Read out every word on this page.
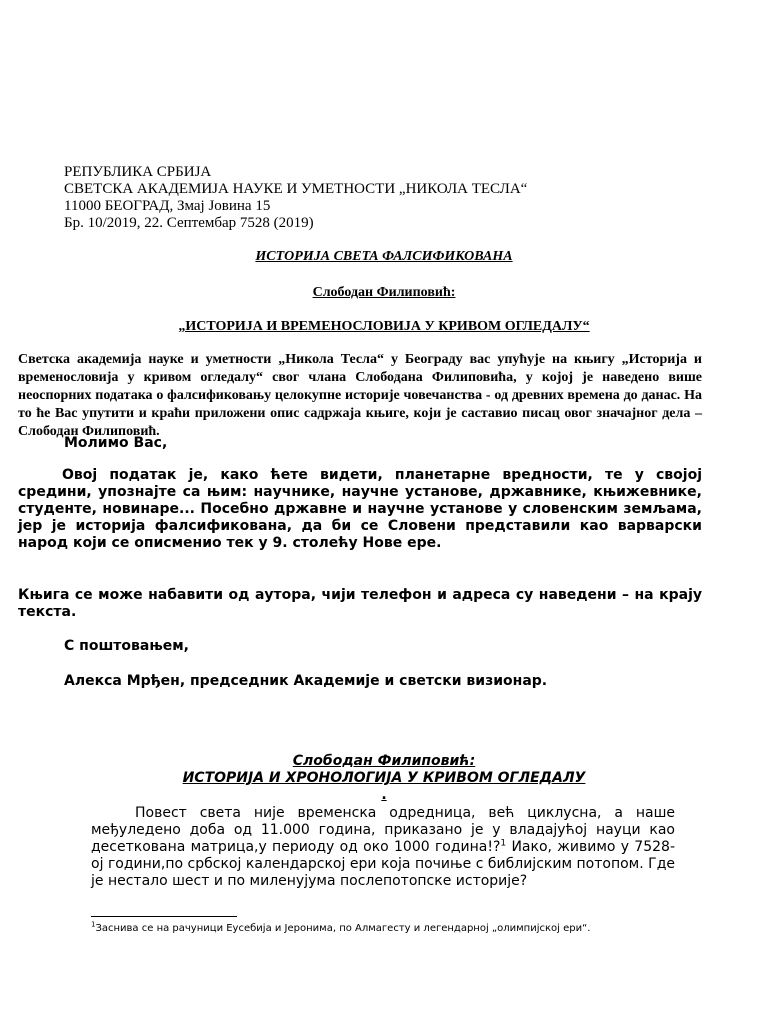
РЕПУБЛИКА СРБИЈА
СВЕТСКА АКАДЕМИЈА НАУКЕ И УМЕТНОСТИ „НИКОЛА ТЕСЛА“
11000 БЕОГРАД, Змај Јовина 15
Бр. 10/2019, 22. Септембар 7528 (2019)
ИСТОРИЈА СВЕТА ФАЛСИФИКОВАНА
Слободан Филиповић:
„ИСТОРИЈА И ВРЕМЕНОСЛОВИЈА У КРИВОМ ОГЛЕДАЛУ“
Светска академија науке и уметности „Никола Тесла“ у Београду вас упућује на књигу „Историја и временословија у кривом огледалу“ свог члана Слободана Филиповића, у којој је наведено више неоспорних података о фалсификовању целокупне историје човечанства - од древних времена до данас. На то ће Вас упутити и краћи приложени опис садржаја књиге, који је саставио писац овог значајног дела – Слободан Филиповић.
Молимо Вас,
Овој податак је, како ћете видети, планетарне вредности, те у својој средини, упознајте са њим: научнике, научне установе, државнике, књижевнике, студенте, новинаре... Посебно државне и научне установе у словенским земљама, јер је историја фалсификована, да би се Словени представили као варварски народ који се описменио тек у 9. столећу Нове ере.
Књига се може набавити од аутора, чији телефон и адреса су наведени – на крају текста.
С поштовањем,
Алекса Мрђен, председник Академије и светски визионар.
Слободан Филиповић:
ИСТОРИЈА И ХРОНОЛОГИЈА У КРИВОМ ОГЛЕДАЛУ
.
Повест света није временска одредница, већ циклусна, а наше међуледено доба од 11.000 година, приказано је у владајућој науци као десеткована матрица,у периоду од око 1000 година!?$^1$ Иако, живимо у 7528-ој години,по србској календарској ери која почиње с библијским потопом. Где је нестало шест и по миленујума послепотопске историје?
$^1$Заснива се на рачуници Еусебија и Јеронима, по Алмагесту и легендарној „олимпијској ери“.
